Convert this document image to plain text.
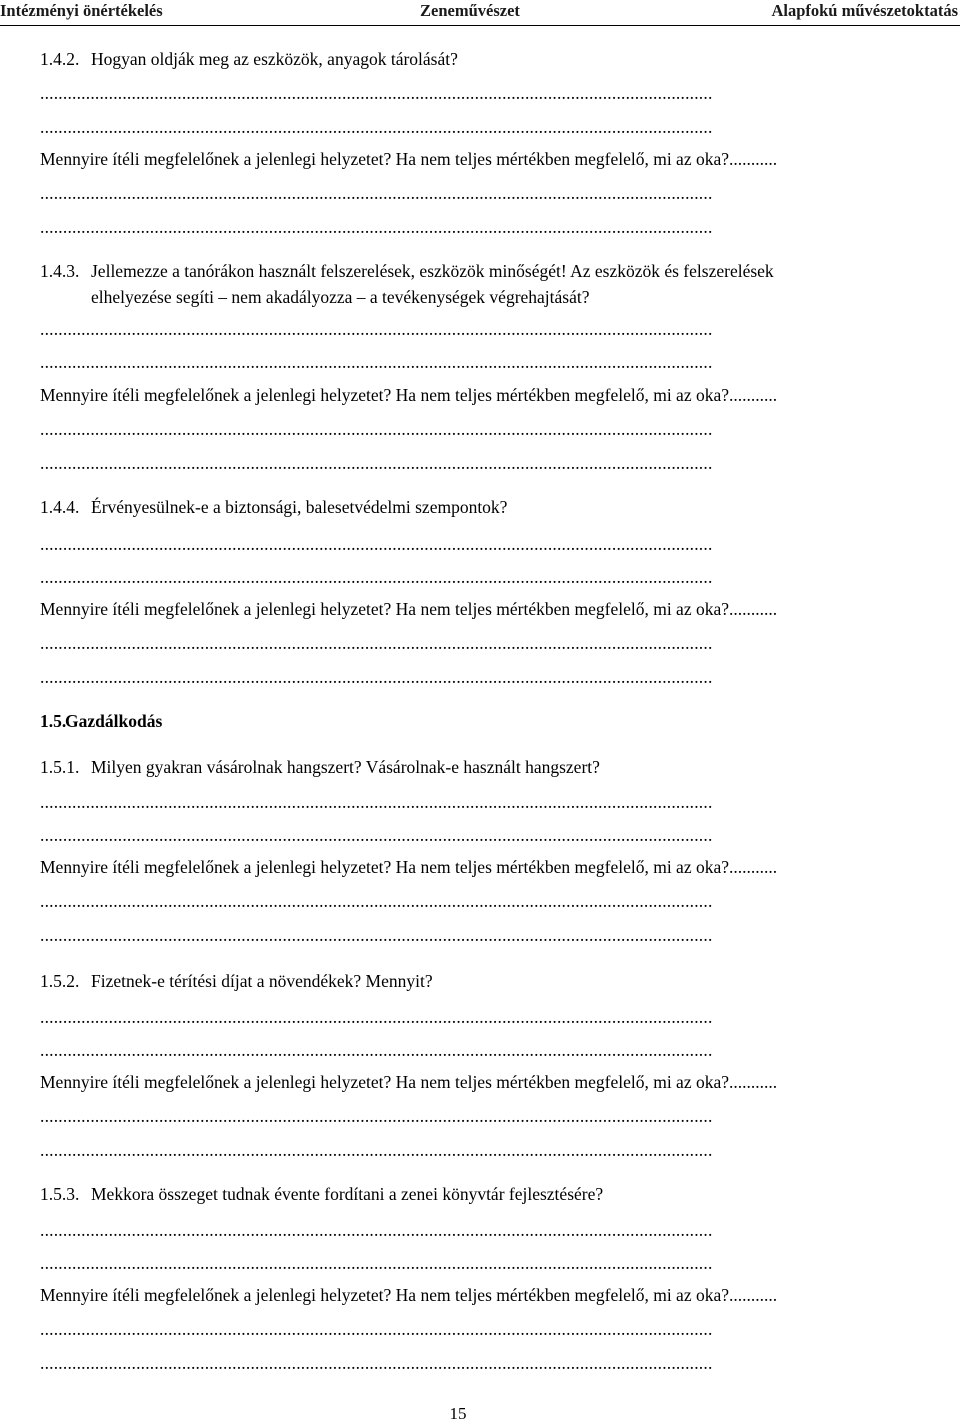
Intézményi önértékelés	Zeneművészet	Alapfokú művészetoktatás
1.4.2. Hogyan oldják meg az eszközök, anyagok tárolását?
...................................................................................................................................................
...................................................................................................................................................
Mennyire ítéli megfelelőnek a jelenlegi helyzetet? Ha nem teljes mértékben megfelelő, mi az oka?...........
...................................................................................................................................................
...................................................................................................................................................
1.4.3. Jellemezze a tanórákon használt felszerelések, eszközök minőségét! Az eszközök és felszerelések
elhelyezése segíti – nem akadályozza – a tevékenységek végrehajtását?
...................................................................................................................................................
...................................................................................................................................................
Mennyire ítéli megfelelőnek a jelenlegi helyzetet? Ha nem teljes mértékben megfelelő, mi az oka?...........
...................................................................................................................................................
...................................................................................................................................................
1.4.4. Érvényesülnek-e a biztonsági, balesetvédelmi szempontok?
...................................................................................................................................................
...................................................................................................................................................
Mennyire ítéli megfelelőnek a jelenlegi helyzetet? Ha nem teljes mértékben megfelelő, mi az oka?...........
...................................................................................................................................................
...................................................................................................................................................
1.5.
Gazdálkodás
1.5.1. Milyen gyakran vásárolnak hangszert? Vásárolnak-e használt hangszert?
...................................................................................................................................................
...................................................................................................................................................
Mennyire ítéli megfelelőnek a jelenlegi helyzetet? Ha nem teljes mértékben megfelelő, mi az oka?...........
...................................................................................................................................................
...................................................................................................................................................
1.5.2. Fizetnek-e térítési díjat a növendékek? Mennyit?
...................................................................................................................................................
...................................................................................................................................................
Mennyire ítéli megfelelőnek a jelenlegi helyzetet? Ha nem teljes mértékben megfelelő, mi az oka?...........
...................................................................................................................................................
...................................................................................................................................................
1.5.3. Mekkora összeget tudnak évente fordítani a zenei könyvtár fejlesztésére?
...................................................................................................................................................
...................................................................................................................................................
Mennyire ítéli megfelelőnek a jelenlegi helyzetet? Ha nem teljes mértékben megfelelő, mi az oka?...........
...................................................................................................................................................
...................................................................................................................................................
15
